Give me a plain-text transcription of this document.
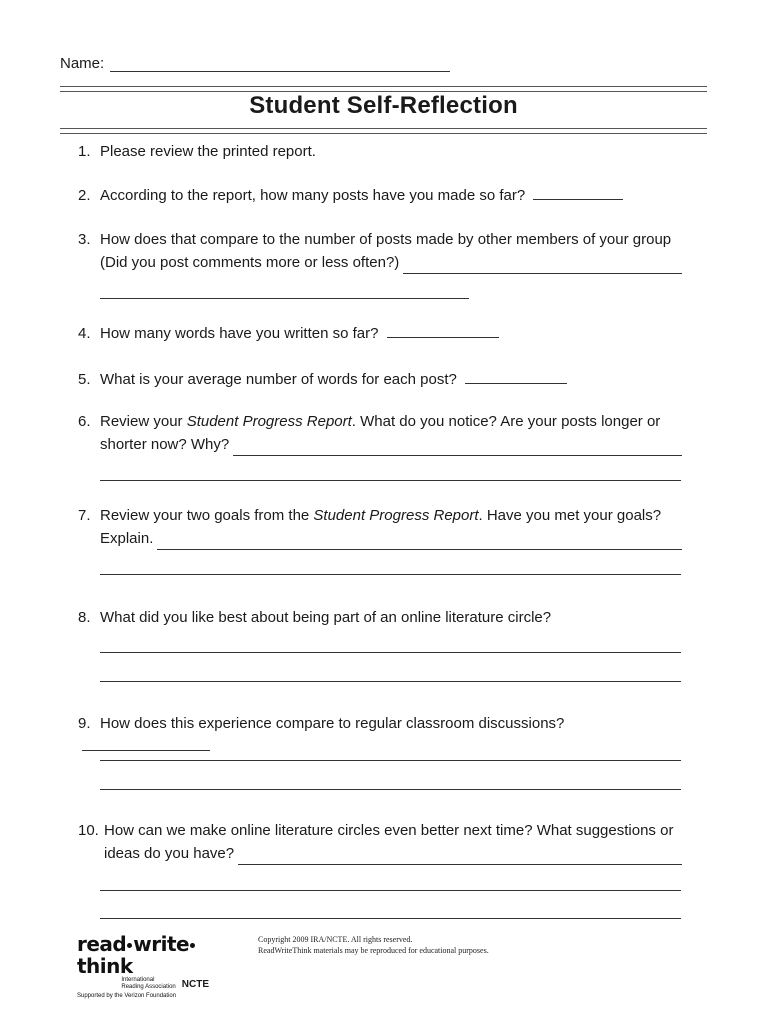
Name:
Student Self-Reflection
1. Please review the printed report.
2. According to the report, how many posts have you made so far?
3. How does that compare to the number of posts made by other members of your group
(Did you post comments more or less often?)
4. How many words have you written so far?
5. What is your average number of words for each post?
6. Review your Student Progress Report. What do you notice? Are your posts longer or
shorter now? Why?
7. Review your two goals from the Student Progress Report. Have you met your goals?
Explain.
8. What did you like best about being part of an online literature circle?
9. How does this experience compare to regular classroom discussions?
10. How can we make online literature circles even better next time? What suggestions or
ideas do you have?
read writethink
International
Reading Association NCTE
Supported by the Verizon Foundation
Copyright 2009 IRA/NCTE. All rights reserved.
ReadWriteThink materials may be reproduced for educational purposes.
